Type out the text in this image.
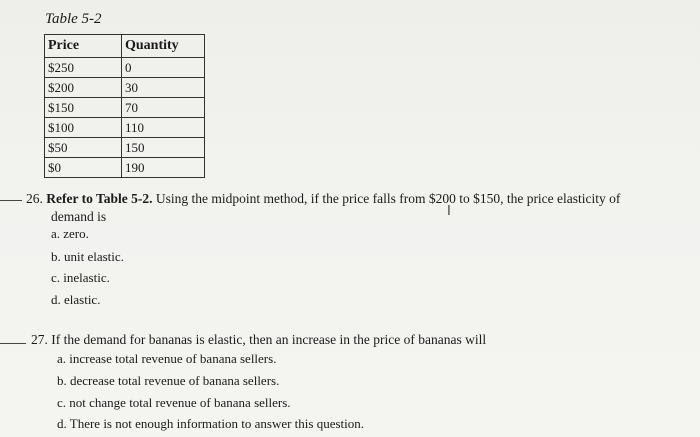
Table 5-2
Price	Quantity
$250	0
$200	30
$150	70
$100	110
$50	150
$0	190
26. Refer to Table 5-2. Using the midpoint method, if the price falls from $200 to $150, the price elasticity of
demand is	I
a. zero.
b. unit elastic.
c. inelastic.
d. elastic.
27. If the demand for bananas is elastic, then an increase in the price of bananas will
a. increase total revenue of banana sellers.
b. decrease total revenue of banana sellers.
c. not change total revenue of banana sellers.
d. There is not enough information to answer this question.
